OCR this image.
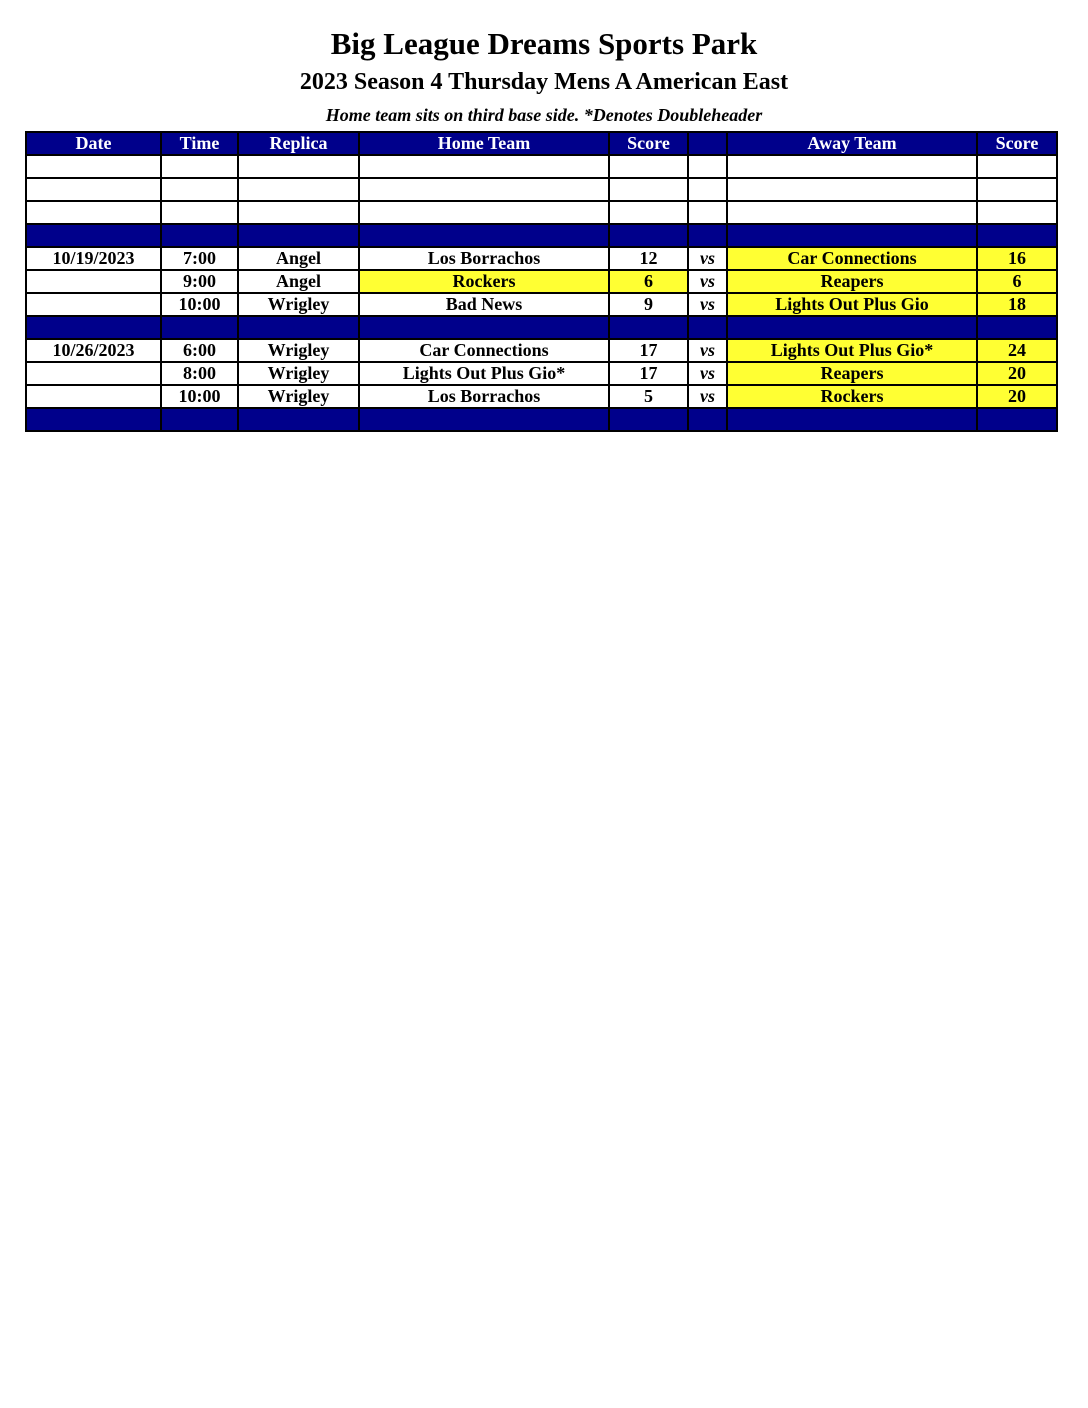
Big League Dreams Sports Park
2023 Season 4 Thursday Mens A American East
Home team sits on third base side. *Denotes Doubleheader
Date	Time	Replica	Home Team	Score		Away Team	Score

10/19/2023	7:00	Angel	Los Borrachos	12	vs	Car Connections	16
	9:00	Angel	Rockers	6	vs	Reapers	6
	10:00	Wrigley	Bad News	9	vs	Lights Out Plus Gio	18

10/26/2023	6:00	Wrigley	Car Connections	17	vs	Lights Out Plus Gio*	24
	8:00	Wrigley	Lights Out Plus Gio*	17	vs	Reapers	20
	10:00	Wrigley	Los Borrachos	5	vs	Rockers	20
